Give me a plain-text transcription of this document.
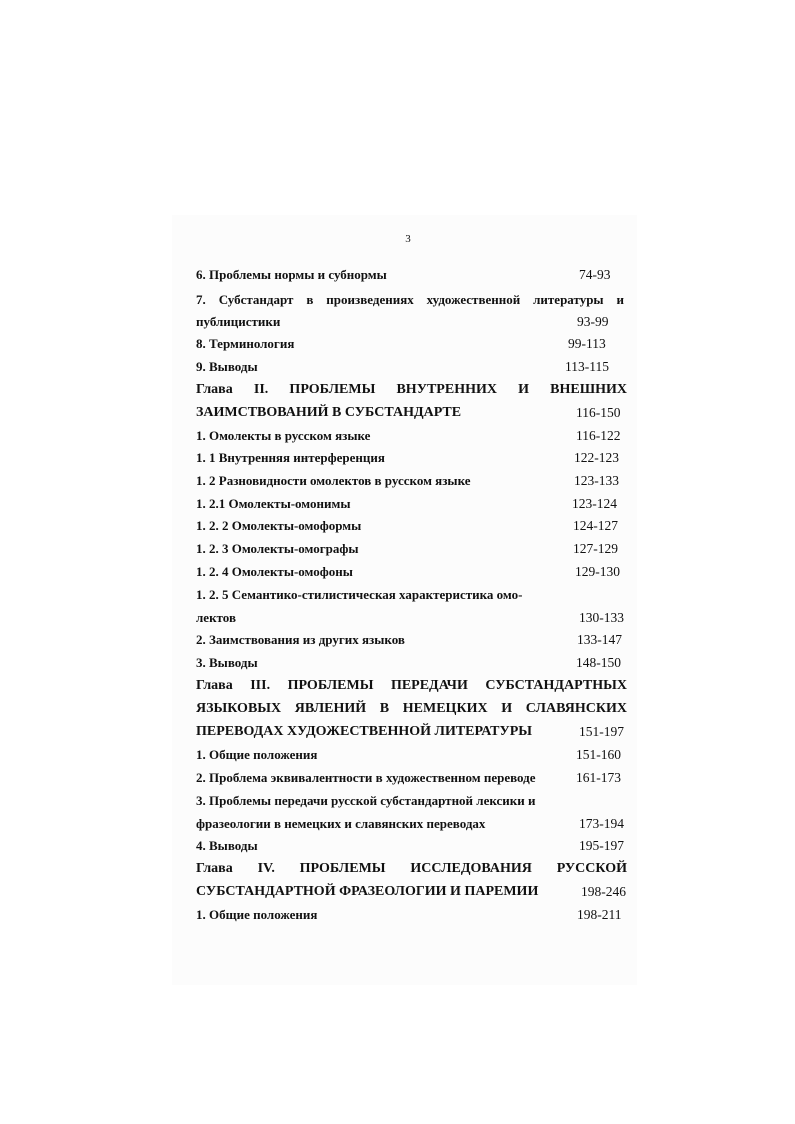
3
6. Проблемы нормы и субнормы	74-93
7. Субстандарт в произведениях художественной литературы и
публицистики	93-99
8. Терминология	99-113
9. Выводы	113-115
Глава II. ПРОБЛЕМЫ ВНУТРЕННИХ И ВНЕШНИХ
ЗАИМСТВОВАНИЙ В СУБСТАНДАРТЕ	116-150
1. Омолекты в русском языке	116-122
1. 1 Внутренняя интерференция	122-123
1. 2 Разновидности омолектов в русском языке	123-133
1. 2.1 Омолекты-омонимы	123-124
1. 2. 2 Омолекты-омоформы	124-127
1. 2. 3 Омолекты-омографы	127-129
1. 2. 4 Омолекты-омофоны	129-130
1. 2. 5 Семантико-стилистическая характеристика омо-
лектов	130-133
2. Заимствования из других языков	133-147
3. Выводы	148-150
Глава III. ПРОБЛЕМЫ ПЕРЕДАЧИ СУБСТАНДАРТНЫХ
ЯЗЫКОВЫХ ЯВЛЕНИЙ В НЕМЕЦКИХ И СЛАВЯНСКИХ
ПЕРЕВОДАХ ХУДОЖЕСТВЕННОЙ ЛИТЕРАТУРЫ	151-197
1. Общие положения	151-160
2. Проблема эквивалентности в художественном переводе	161-173
3. Проблемы передачи русской субстандартной лексики и
фразеологии в немецких и славянских переводах	173-194
4. Выводы	195-197
Глава IV. ПРОБЛЕМЫ ИССЛЕДОВАНИЯ РУССКОЙ
СУБСТАНДАРТНОЙ ФРАЗЕОЛОГИИ И ПАРЕМИИ	198-246
1. Общие положения	198-211
